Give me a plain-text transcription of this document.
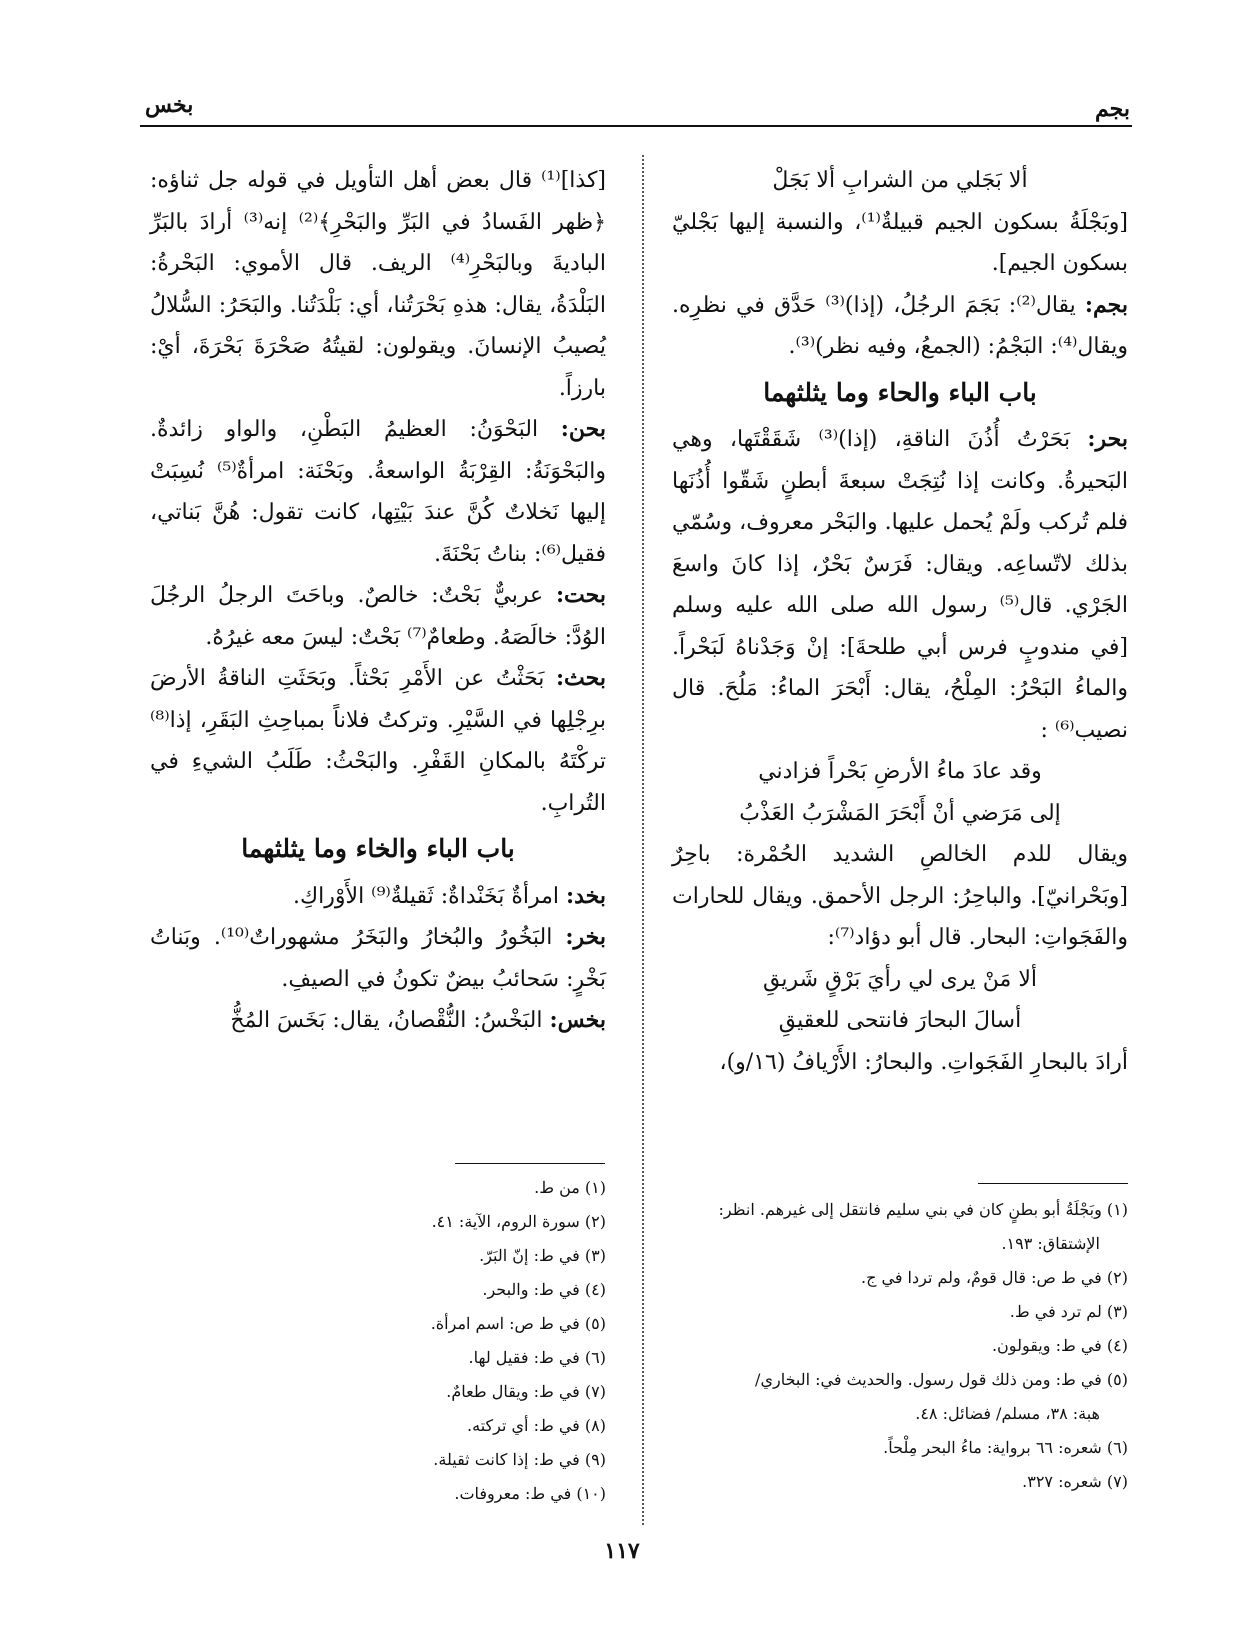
بجم
بخس

ألا بَجَلي من الشرابِ ألا بَجَلْ

[وبَجْلَةُ بسكون الجيم قبيلةٌ⁽¹⁾، والنسبة إليها بَجْليّ بسكون الجيم].

بجم: يقال⁽²⁾: بَجَمَ الرجُلُ، (إذا)⁽³⁾ حَدَّق في نظرِه. ويقال⁽⁴⁾: البَجْمُ: (الجمعُ، وفيه نظر)⁽³⁾.

باب الباء والحاء وما يثلثهما

بحر: بَحَرْتُ أُذُنَ الناقةِ، (إذا)⁽³⁾ شَقَقْتَها، وهي البَحيرةُ. وكانت إذا نُتِجَتْ سبعةَ أبطنٍ شَقّوا أُذُنَها فلم تُركب ولَمْ يُحمل عليها. والبَحْر معروف، وسُمّي بذلك لاتّساعِه. ويقال: فَرَسٌ بَحْرٌ، إذا كانَ واسعَ الجَرْي. قال⁽⁵⁾ رسول الله صلى الله عليه وسلم [في مندوبٍ فرس أبي طلحةَ]: إنْ وَجَدْناهُ لَبَحْراً. والماءُ البَحْرُ: المِلْحُ، يقال: أَبْحَرَ الماءُ: مَلُحَ. قال نصيب⁽⁶⁾ :

وقد عادَ ماءُ الأرضِ بَحْراً فزادني

إلى مَرَضي أنْ أَبْحَرَ المَشْرَبُ العَذْبُ

ويقال للدم الخالصِ الشديد الحُمْرة: باحِرٌ [وبَحْرانيّ]. والباحِرُ: الرجل الأحمق. ويقال للحارات والفَجَواتِ: البحار. قال أبو دؤاد⁽⁷⁾:

ألا مَنْ يرى لي رأيَ بَرْقٍ شَريقِ

أسالَ البحارَ فانتحى للعقيقِ

أرادَ بالبحارِ الفَجَواتِ. والبحارُ: الأَرْيافُ (١٦/و)،

[كذا]⁽¹⁾ قال بعض أهل التأويل في قوله جل ثناؤه: ﴿ظهر الفَسادُ في البَرِّ والبَحْرِ﴾⁽²⁾ إنه⁽³⁾ أرادَ بالبَرِّ الباديةَ وبالبَحْرِ⁽⁴⁾ الريف. قال الأموي: البَحْرةُ: البَلْدَةُ، يقال: هذهِ بَحْرَتُنا، أي: بَلْدَتُنا. والبَحَرُ: السُّلالُ يُصيبُ الإنسانَ. ويقولون: لقيتُهُ صَحْرَةَ بَحْرَةَ، أيْ: بارزاً.

بحن: البَحْوَنُ: العظيمُ البَطْنِ، والواو زائدةٌ. والبَحْوَنَةُ: القِرْبَةُ الواسعةُ. وبَحْنَة: امرأةٌ⁽⁵⁾ نُسِبَتْ إليها نَخلاتٌ كُنَّ عندَ بَيْتِها، كانت تقول: هُنَّ بَناتي، فقيل⁽⁶⁾: بناتُ بَحْنَةَ.

بحت: عربيٌّ بَحْتٌ: خالصٌ. وباحَتَ الرجلُ الرجُلَ الوُدَّ: خالَصَهُ. وطعامٌ⁽⁷⁾ بَحْتٌ: ليسَ معه غيرُهُ.

بحث: بَحَثْتُ عن الأَمْرِ بَحْثاً. وبَحَثَتِ الناقةُ الأرضَ برِجْلِها في السَّيْرِ. وتركتُ فلاناً بمباحِثِ البَقَرِ، إذا⁽⁸⁾ تركْتَهُ بالمكانِ القَفْرِ. والبَحْثُ: طَلَبُ الشيءِ في التُرابِ.

باب الباء والخاء وما يثلثهما

بخد: امرأةٌ بَخَنْداةٌ: ثَقيلةٌ⁽⁹⁾ الأَوْراكِ.

بخر: البَخُورُ والبُخارُ والبَخَرُ مشهوراتٌ⁽¹⁰⁾. وبَناتُ بَخْرٍ: سَحائبُ بيضٌ تكونُ في الصيفِ.

بخس: البَخْسُ: النُّقْصانُ، يقال: بَخَسَ المُخُّ

(١) وبَجْلَةُ أبو بطنٍ كان في بني سليم فانتقل إلى غيرهم. انظر:
الإشتقاق: ١٩٣.
(٢) في ط ص: قال قومٌ، ولم تردا في ج.
(٣) لم ترد في ط.
(٤) في ط: ويقولون.
(٥) في ط: ومن ذلك قول رسول. والحديث في: البخاري/
هبة: ٣٨، مسلم/ فضائل: ٤٨.
(٦) شعره: ٦٦ برواية: ماءُ البحر مِلْحاً.
(٧) شعره: ٣٢٧.
(١) من ط.
(٢) سورة الروم، الآية: ٤١.
(٣) في ط: إنّ البَرّ.
(٤) في ط: والبحر.
(٥) في ط ص: اسم امرأة.
(٦) في ط: فقيل لها.
(٧) في ط: ويقال طعامٌ.
(٨) في ط: أي تركته.
(٩) في ط: إذا كانت ثقيلة.
(١٠) في ط: معروفات.
١١٧
